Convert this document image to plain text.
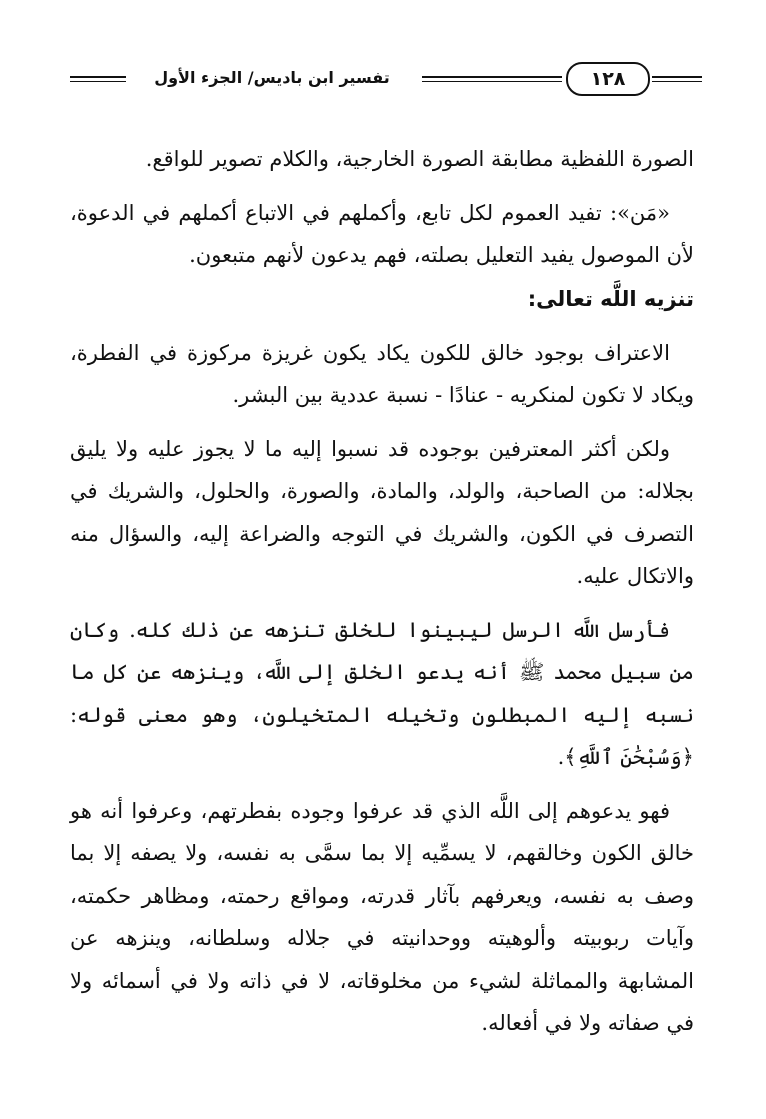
١٢٨
تفسير ابن باديس/ الجزء الأول

الصورة اللفظية مطابقة الصورة الخارجية، والكلام تصوير للواقع.

«مَن»: تفيد العموم لكل تابع، وأكملهم في الاتباع أكملهم في الدعوة، لأن الموصول يفيد التعليل بصلته، فهم يدعون لأنهم متبعون.

تنزيه اللَّه تعالى:

الاعتراف بوجود خالق للكون يكاد يكون غريزة مركوزة في الفطرة، ويكاد لا تكون لمنكريه - عنادًا - نسبة عددية بين البشر.

ولكن أكثر المعترفين بوجوده قد نسبوا إليه ما لا يجوز عليه ولا يليق بجلاله: من الصاحبة، والولد، والمادة، والصورة، والحلول، والشريك في التصرف في الكون، والشريك في التوجه والضراعة إليه، والسؤال منه والاتكال عليه.

فأرسل اللَّه الرسل ليبينوا للخلق تنزهه عن ذلك كله. وكان من سبيل محمد ﷺ أنه يدعو الخلق إلى اللَّه، وينزهه عن كل ما نسبه إليه المبطلون وتخيله المتخيلون، وهو معنى قوله: ﴿وَسُبْحَٰنَ ٱللَّهِ﴾.

فهو يدعوهم إلى اللَّه الذي قد عرفوا وجوده بفطرتهم، وعرفوا أنه هو خالق الكون وخالقهم، لا يسمِّيه إلا بما سمَّى به نفسه، ولا يصفه إلا بما وصف به نفسه، ويعرفهم بآثار قدرته، ومواقع رحمته، ومظاهر حكمته، وآيات ربوبيته وألوهيته ووحدانيته في جلاله وسلطانه، وينزهه عن المشابهة والمماثلة لشيء من مخلوقاته، لا في ذاته ولا في أسمائه ولا في صفاته ولا في أفعاله.
